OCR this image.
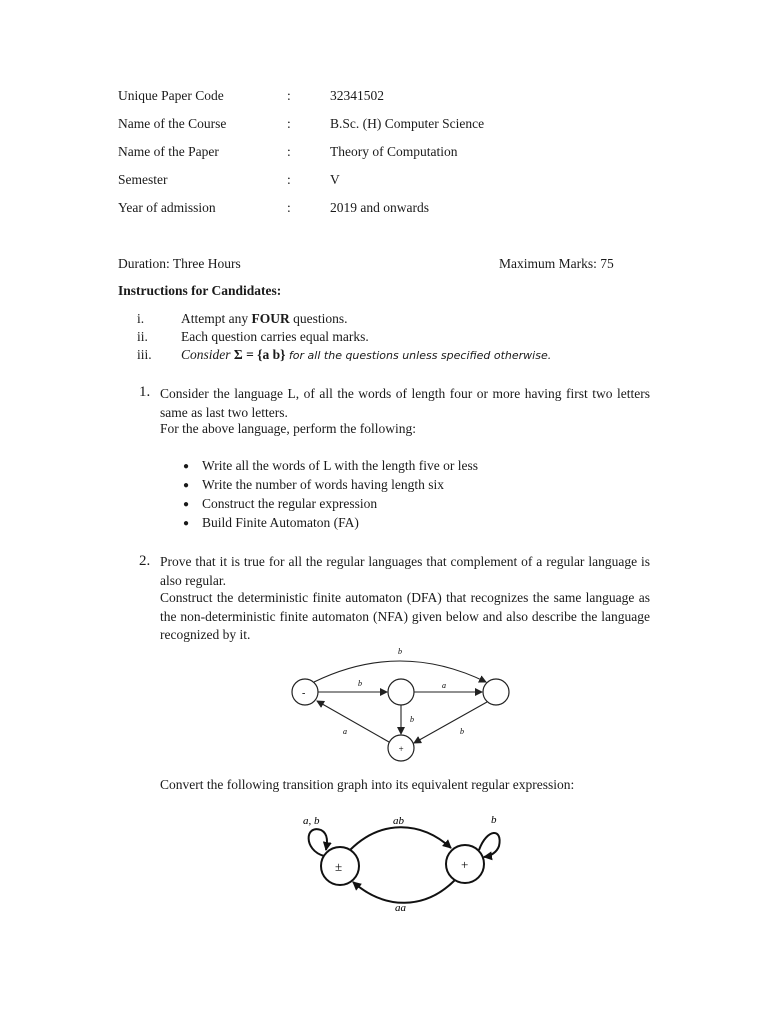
Unique Paper Code	:	32341502
Name of the Course	:	B.Sc. (H) Computer Science
Name of the Paper	:	Theory of Computation
Semester	:	V
Year of admission	:	2019 and onwards
Duration: Three Hours	Maximum Marks: 75
Instructions for Candidates:
i.	Attempt any FOUR questions.
ii. Each question carries equal marks.
iii. Consider Σ = {a b} for all the questions unless specified otherwise.
1. Consider the language L, of all the words of length four or more having first two letters same as last two letters.
For the above language, perform the following:
● Write all the words of L with the length five or less
● Write the number of words having length six
● Construct the regular expression
● Build Finite Automaton (FA)
2. Prove that it is true for all the regular languages that complement of a regular language is also regular.
Construct the deterministic finite automaton (DFA) that recognizes the same language as the non-deterministic finite automaton (NFA) given below and also describe the language recognized by it.
-
+
b
b	a
b
a	b
Convert the following transition graph into its equivalent regular expression:
±	+
a, b	b
ab
aa
